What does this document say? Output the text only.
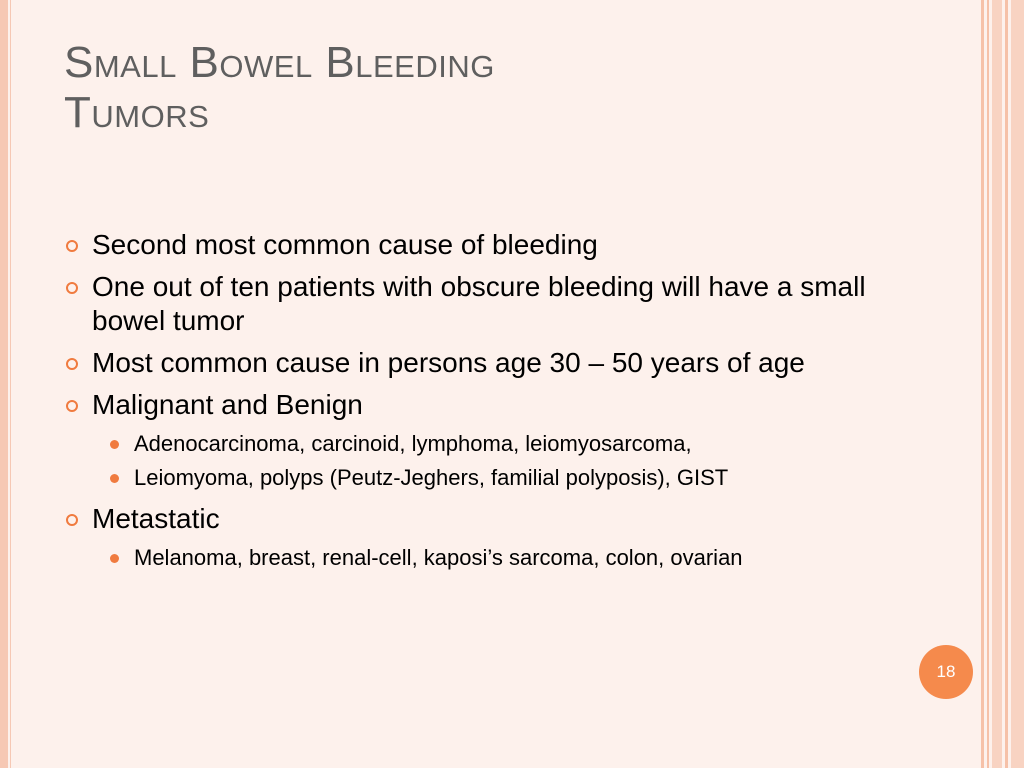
Small Bowel Bleeding
Tumors
Second most common cause of bleeding
One out of ten patients with obscure bleeding will have a small bowel tumor
Most common cause in persons age 30 – 50 years of age
Malignant and Benign
Adenocarcinoma, carcinoid, lymphoma, leiomyosarcoma,
Leiomyoma, polyps (Peutz-Jeghers, familial polyposis), GIST
Metastatic
Melanoma, breast, renal-cell, kaposi’s sarcoma, colon, ovarian
18
